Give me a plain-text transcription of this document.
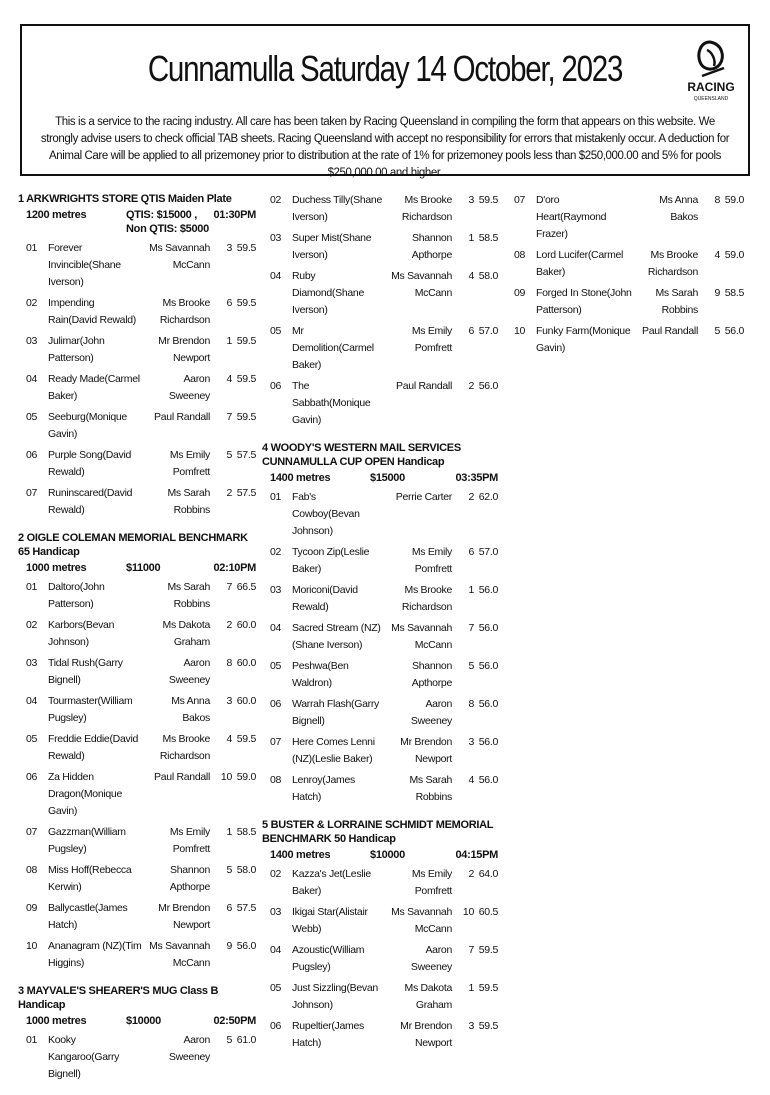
Cunnamulla Saturday 14 October, 2023	RACING
QUEENSLAND
This is a service to the racing industry. All care has been taken by Racing Queensland in compiling the form that appears on this website. We strongly advise users to check official TAB sheets. Racing Queensland with accept no responsibility for errors that mistakenly occur. A deduction for Animal Care will be applied to all prizemoney prior to distribution at the rate of 1% for prizemoney pools less than $250,000.00 and 5% for pools $250,000.00 and higher.
1 ARKWRIGHTS STORE QTIS Maiden Plate
1200 metres	QTIS: $15000 , Non QTIS: $5000
01:30PM
01	Forever Invincible(Shane Iverson)
Ms Savannah McCann
3 59.5
02	Impending Rain(David Rewald)
Ms Brooke Richardson
6 59.5
03	Julimar(John Patterson)
Mr Brendon Newport
1 59.5
04	Ready Made(Carmel Baker)
Aaron Sweeney
4 59.5
05	Seeburg(Monique Gavin)
Paul Randall	7 59.5
06	Purple Song(David Rewald)
Ms Emily Pomfrett
5 57.5
07	Runinscared(David Rewald)
Ms Sarah Robbins
2 57.5
2 OIGLE COLEMAN MEMORIAL BENCHMARK 65 Handicap
1000 metres	$11000	02:10PM
01	Daltoro(John Patterson)
Ms Sarah Robbins
7 66.5
02	Karbors(Bevan Johnson)
Ms Dakota Graham
2 60.0
03	Tidal Rush(Garry Bignell)
Aaron Sweeney
8 60.0
04	Tourmaster(William Pugsley)
Ms Anna Bakos
3 60.0
05	Freddie Eddie(David Rewald)
Ms Brooke Richardson
4 59.5
06	Za Hidden Dragon(Monique Gavin)
Paul Randall	10 59.0
07	Gazzman(William Pugsley)
Ms Emily Pomfrett
1 58.5
08	Miss Hoff(Rebecca Kerwin)
Shannon Apthorpe
5 58.0
09	Ballycastle(James Hatch)
Mr Brendon Newport
6 57.5
10	Ananagram (NZ)(Tim Higgins)
Ms Savannah McCann
9 56.0
3 MAYVALE'S SHEARER'S MUG Class B Handicap
1000 metres	$10000	02:50PM
01	Kooky Kangaroo(Garry Bignell)
Aaron Sweeney
5 61.0
02	Duchess Tilly(Shane Iverson)
Ms Brooke Richardson
3 59.5
03	Super Mist(Shane Iverson)
Shannon Apthorpe
1 58.5
04	Ruby Diamond(Shane Iverson)
Ms Savannah McCann
4 58.0
05	Mr Demolition(Carmel Baker)
Ms Emily Pomfrett
6 57.0
06	The Sabbath(Monique Gavin)
Paul Randall	2 56.0
4 WOODY'S WESTERN MAIL SERVICES CUNNAMULLA CUP OPEN Handicap
1400 metres	$15000	03:35PM
01	Fab's Cowboy(Bevan Johnson)
Perrie Carter	2 62.0
02	Tycoon Zip(Leslie Baker)
Ms Emily Pomfrett
6 57.0
03	Moriconi(David Rewald)
Ms Brooke Richardson
1 56.0
04	Sacred Stream (NZ)(Shane Iverson)
Ms Savannah McCann
7 56.0
05	Peshwa(Ben Waldron)
Shannon Apthorpe
5 56.0
06	Warrah Flash(Garry Bignell)
Aaron Sweeney
8 56.0
07	Here Comes Lenni (NZ)(Leslie Baker)
Mr Brendon Newport
3 56.0
08	Lenroy(James Hatch)
Ms Sarah Robbins
4 56.0
5 BUSTER & LORRAINE SCHMIDT MEMORIAL BENCHMARK 50 Handicap
1400 metres	$10000	04:15PM
02	Kazza's Jet(Leslie Baker)
Ms Emily Pomfrett
2 64.0
03	Ikigai Star(Alistair Webb)
Ms Savannah McCann
10 60.5
04	Azoustic(William Pugsley)
Aaron Sweeney
7 59.5
05	Just Sizzling(Bevan Johnson)
Ms Dakota Graham
1 59.5
06	Rupeltier(James Hatch)
Mr Brendon Newport
3 59.5
07	D'oro Heart(Raymond Frazer)
Ms Anna Bakos
8 59.0
08	Lord Lucifer(Carmel Baker)
Ms Brooke Richardson
4 59.0
09	Forged In Stone(John Patterson)
Ms Sarah Robbins
9 58.5
10	Funky Farm(Monique Gavin)
Paul Randall	5 56.0
